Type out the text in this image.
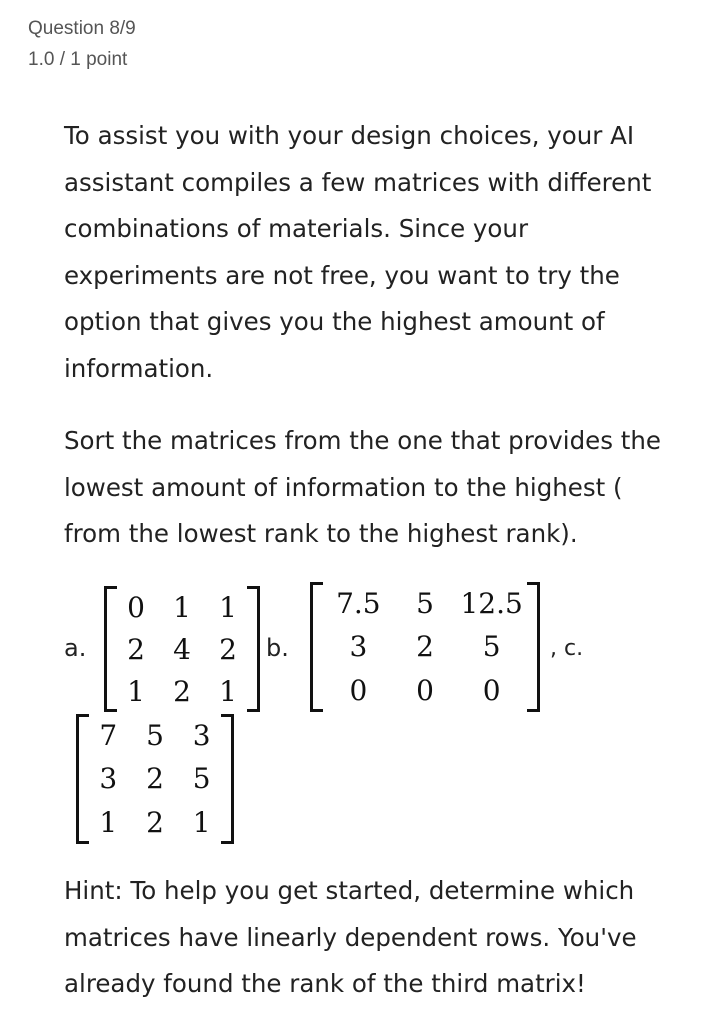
Question 8/9
1.0 / 1 point
To assist you with your design choices, your AI assistant compiles a few matrices with different combinations of materials. Since your experiments are not free, you want to try the option that gives you the highest amount of information.
Sort the matrices from the one that provides the lowest amount of information to the highest ( from the lowest rank to the highest rank).
a.
0 1 1
2 4 2
1 2 1
b.
7.5 5 12.5
3 2 5
0 0 0
, c.
7 5 3
3 2 5
1 2 1
Hint: To help you get started, determine which matrices have linearly dependent rows. You've already found the rank of the third matrix!
